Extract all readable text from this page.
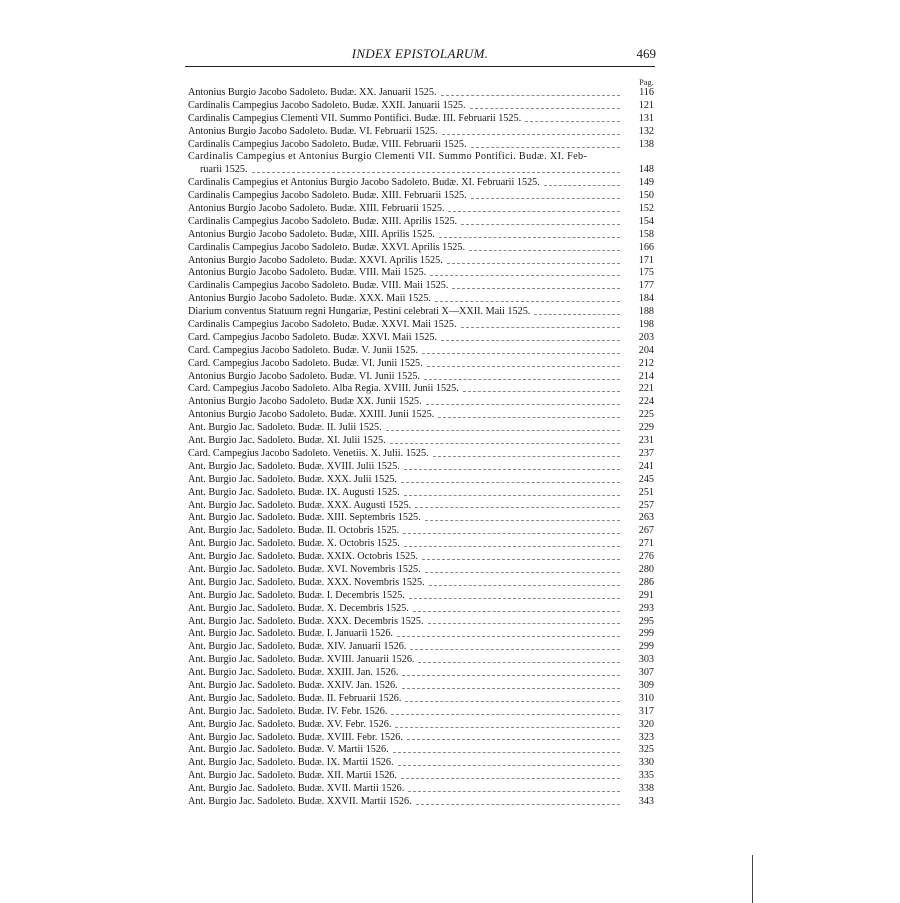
INDEX EPISTOLARUM.	469
Pag.
Antonius Burgio Jacobo Sadoleto. Budæ. XX. Januarii 1525.	116
Cardinalis Campegius Jacobo Sadoleto. Budæ. XXII. Januarii 1525.	121
Cardinalis Campegius Clementi VII. Summo Pontifici. Budæ. III. Februarii 1525.	131
Antonius Burgio Jacobo Sadoleto. Budæ. VI. Februarii 1525.	132
Cardinalis Campegius Jacobo Sadoleto. Budæ. VIII. Februarii 1525.	138
Cardinalis Campegius et Antonius Burgio Clementi VII. Summo Pontifici. Budæ. XI. Feb-
ruarii 1525.	148
Cardinalis Campegius et Antonius Burgio Jacobo Sadoleto. Budæ. XI. Februarii 1525.	149
Cardinalis Campegius Jacobo Sadoleto. Budæ. XIII. Februarii 1525.	150
Antonius Burgio Jacobo Sadoleto. Budæ. XIII. Februarii 1525.	152
Cardinalis Campegius Jacobo Sadoleto. Budæ. XIII. Aprilis 1525.	154
Antonius Burgio Jacobo Sadoleto. Budæ, XIII. Aprilis 1525.	158
Cardinalis Campegius Jacobo Sadoleto. Budæ. XXVI. Aprilis 1525.	166
Antonius Burgio Jacobo Sadoleto. Budæ. XXVI. Aprilis 1525.	171
Antonius Burgio Jacobo Sadoleto. Budæ. VIII. Maii 1525.	175
Cardinalis Campegius Jacobo Sadoleto. Budæ. VIII. Maii 1525.	177
Antonius Burgio Jacobo Sadoleto. Budæ. XXX. Maii 1525.	184
Diarium conventus Statuum regni Hungariæ, Pestini celebrati X—XXII. Maii 1525.	188
Cardinalis Campegius Jacobo Sadoleto. Budæ. XXVI. Maii 1525.	198
Card. Campegius Jacobo Sadoleto. Budæ. XXVI. Maii 1525.	203
Card. Campegius Jacobo Sadoleto. Budæ. V. Junii 1525.	204
Card. Campegius Jacobo Sadoleto. Budæ. VI. Junii 1525.	212
Antonius Burgio Jacobo Sadoleto. Budæ. VI. Junii 1525.	214
Card. Campegius Jacobo Sadoleto. Alba Regia. XVIII. Junii 1525.	221
Antonius Burgio Jacobo Sadoleto. Budæ XX. Junii 1525.	224
Antonius Burgio Jacobo Sadoleto. Budæ. XXIII. Junii 1525.	225
Ant. Burgio Jac. Sadoleto. Budæ. II. Julii 1525.	229
Ant. Burgio Jac. Sadoleto. Budæ. XI. Julii 1525.	231
Card. Campegius Jacobo Sadoleto. Venetiis. X. Julii. 1525.	237
Ant. Burgio Jac. Sadoleto. Budæ. XVIII. Julii 1525.	241
Ant. Burgio Jac. Sadoleto. Budæ. XXX. Julii 1525.	245
Ant. Burgio Jac. Sadoleto. Budæ. IX. Augusti 1525.	251
Ant. Burgio Jac. Sadoleto. Budæ. XXX. Augusti 1525.	257
Ant. Burgio Jac. Sadoleto. Budæ. XIII. Septembris 1525.	263
Ant. Burgio Jac. Sadoleto. Budæ. II. Octobris 1525.	267
Ant. Burgio Jac. Sadoleto. Budæ. X. Octobris 1525.	271
Ant. Burgio Jac. Sadoleto. Budæ. XXIX. Octobris 1525.	276
Ant. Burgio Jac. Sadoleto. Budæ. XVI. Novembris 1525.	280
Ant. Burgio Jac. Sadoleto. Budæ. XXX. Novembris 1525.	286
Ant. Burgio Jac. Sadoleto. Budæ. I. Decembris 1525.	291
Ant. Burgio Jac. Sadoleto. Budæ. X. Decembris 1525.	293
Ant. Burgio Jac. Sadoleto. Budæ. XXX. Decembris 1525.	295
Ant. Burgio Jac. Sadoleto. Budæ. I. Januarii 1526.	299
Ant. Burgio Jac. Sadoleto. Budæ. XIV. Januarii 1526.	299
Ant. Burgio Jac. Sadoleto. Budæ. XVIII. Januarii 1526.	303
Ant. Burgio Jac. Sadoleto. Budæ. XXIII. Jan. 1526.	307
Ant. Burgio Jac. Sadoleto. Budæ. XXIV. Jan. 1526.	309
Ant. Burgio Jac. Sadoleto. Budæ. II. Februarii 1526.	310
Ant. Burgio Jac. Sadoleto. Budæ. IV. Febr. 1526.	317
Ant. Burgio Jac. Sadoleto. Budæ. XV. Febr. 1526.	320
Ant. Burgio Jac. Sadoleto. Budæ. XVIII. Febr. 1526.	323
Ant. Burgio Jac. Sadoleto. Budæ. V. Martii 1526.	325
Ant. Burgio Jac. Sadoleto. Budæ. IX. Martii 1526.	330
Ant. Burgio Jac. Sadoleto. Budæ. XII. Martii 1526.	335
Ant. Burgio Jac. Sadoleto. Budæ. XVII. Martii 1526.	338
Ant. Burgio Jac. Sadoleto. Budæ. XXVII. Martii 1526.	343
